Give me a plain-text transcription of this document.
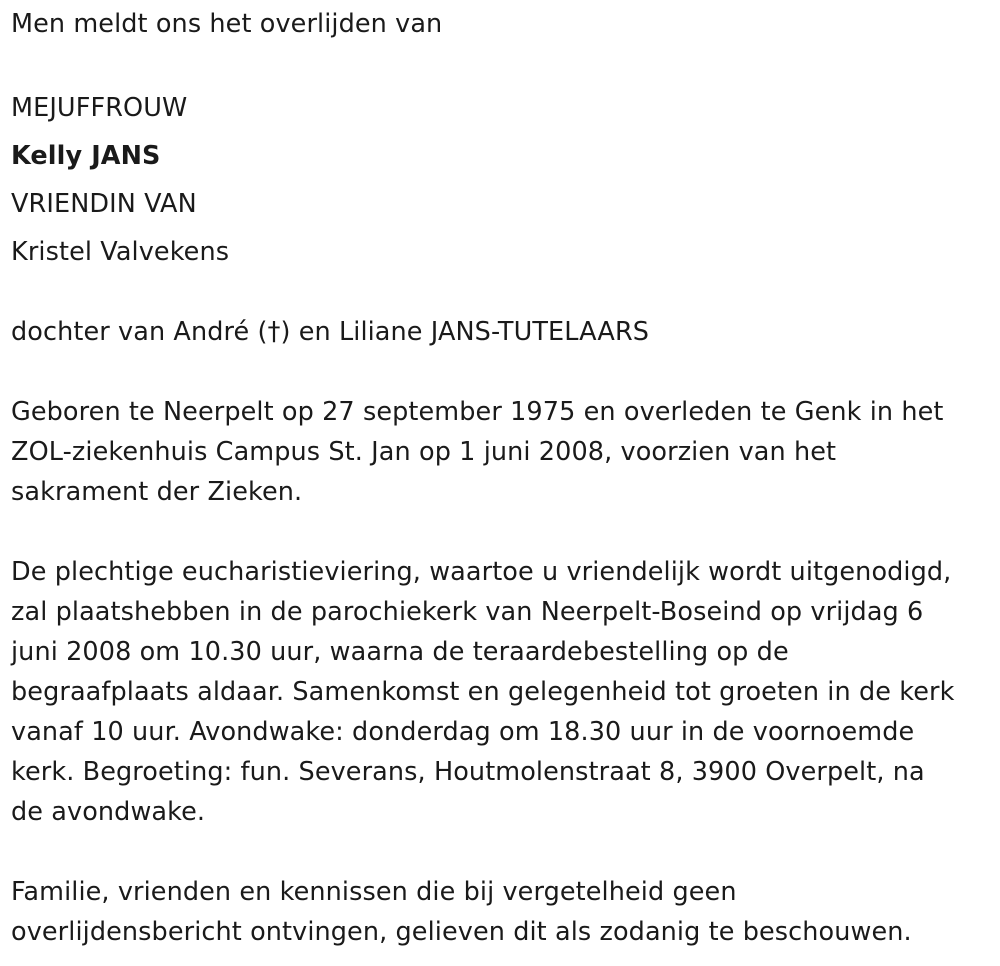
Men meldt ons het overlijden van
MEJUFFROUW
Kelly JANS
VRIENDIN VAN
Kristel Valvekens
dochter van André (†) en Liliane JANS-TUTELAARS
Geboren te Neerpelt op 27 september 1975 en overleden te Genk in het
ZOL-ziekenhuis Campus St. Jan op 1 juni 2008, voorzien van het
sakrament der Zieken.
De plechtige eucharistieviering, waartoe u vriendelijk wordt uitgenodigd,
zal plaatshebben in de parochiekerk van Neerpelt-Boseind op vrijdag 6
juni 2008 om 10.30 uur, waarna de teraardebestelling op de
begraafplaats aldaar. Samenkomst en gelegenheid tot groeten in de kerk
vanaf 10 uur. Avondwake: donderdag om 18.30 uur in de voornoemde
kerk. Begroeting: fun. Severans, Houtmolenstraat 8, 3900 Overpelt, na
de avondwake.
Familie, vrienden en kennissen die bij vergetelheid geen
overlijdensbericht ontvingen, gelieven dit als zodanig te beschouwen.
